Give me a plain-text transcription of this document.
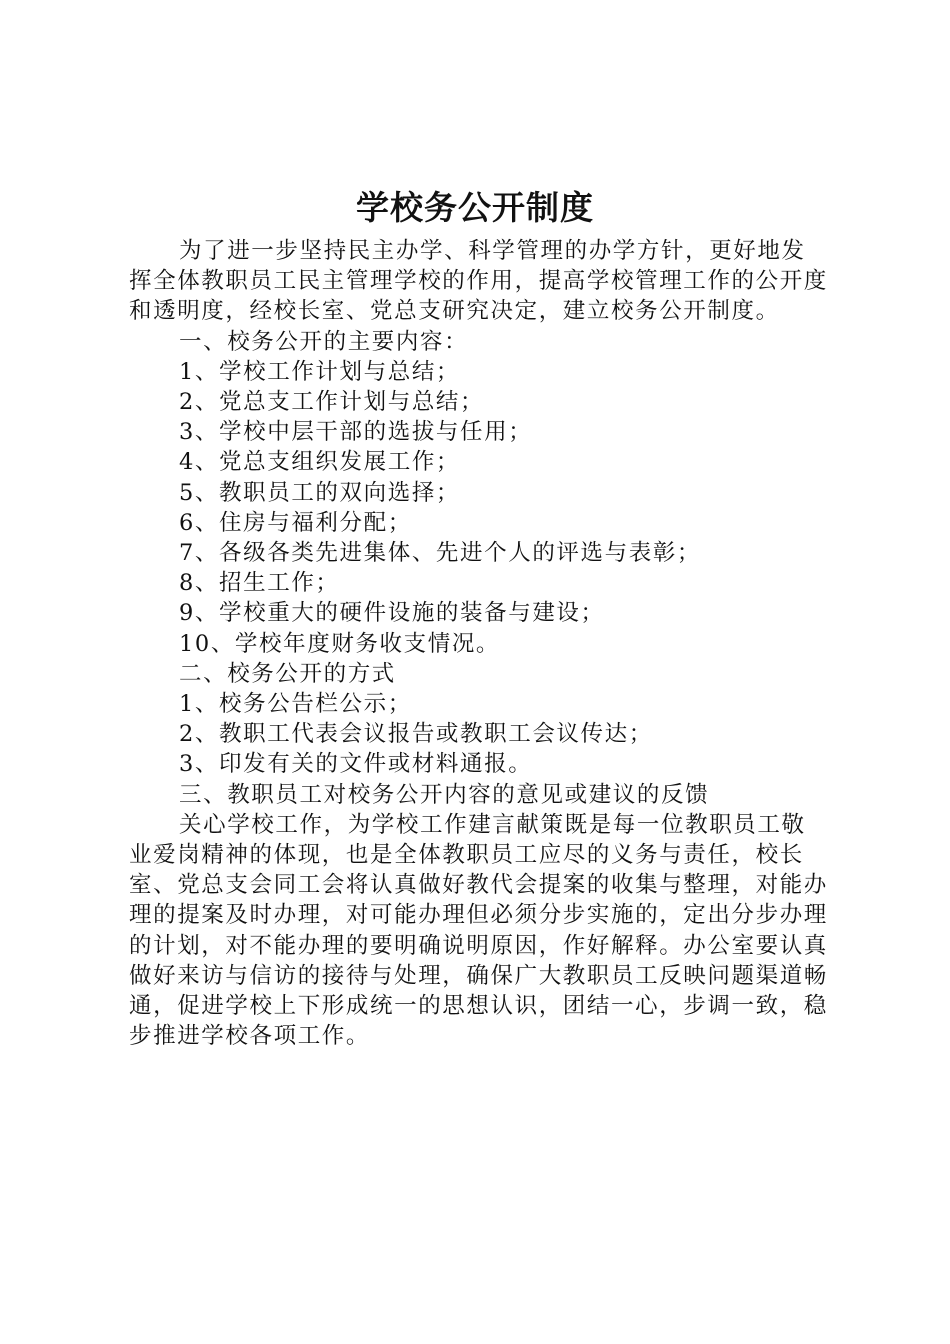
学校务公开制度

为了进一步坚持民主办学、科学管理的办学方针，更好地发挥全体教职员工民主管理学校的作用，提高学校管理工作的公开度和透明度，经校长室、党总支研究决定，建立校务公开制度。

一、校务公开的主要内容：

1、学校工作计划与总结；

2、党总支工作计划与总结；

3、学校中层干部的选拔与任用；

4、党总支组织发展工作；

5、教职员工的双向选择；

6、住房与福利分配；

7、各级各类先进集体、先进个人的评选与表彰；

8、招生工作；

9、学校重大的硬件设施的装备与建设；

10、学校年度财务收支情况。

二、校务公开的方式

1、校务公告栏公示；

2、教职工代表会议报告或教职工会议传达；

3、印发有关的文件或材料通报。

三、教职员工对校务公开内容的意见或建议的反馈

关心学校工作，为学校工作建言献策既是每一位教职员工敬业爱岗精神的体现，也是全体教职员工应尽的义务与责任，校长室、党总支会同工会将认真做好教代会提案的收集与整理，对能办理的提案及时办理，对可能办理但必须分步实施的，定出分步办理的计划，对不能办理的要明确说明原因，作好解释。办公室要认真做好来访与信访的接待与处理，确保广大教职员工反映问题渠道畅通，促进学校上下形成统一的思想认识，团结一心，步调一致，稳步推进学校各项工作。
